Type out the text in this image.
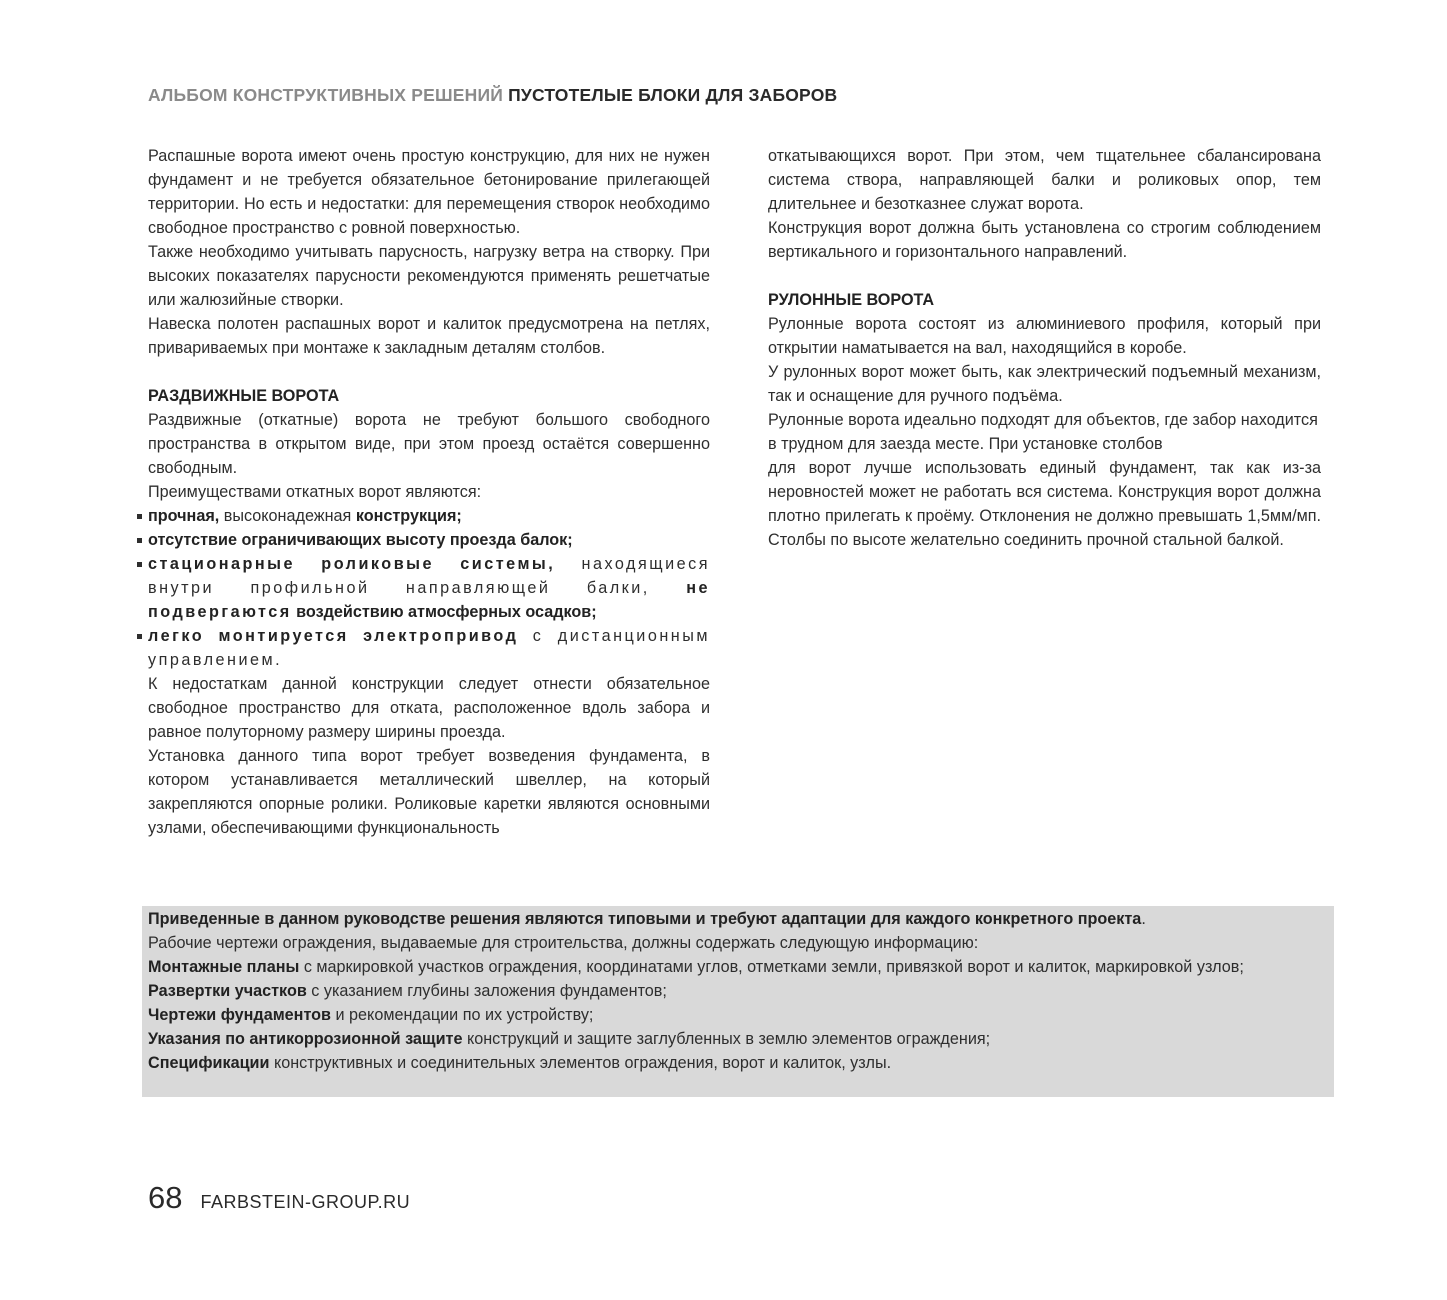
АЛЬБОМ КОНСТРУКТИВНЫХ РЕШЕНИЙ ПУСТОТЕЛЫЕ БЛОКИ ДЛЯ ЗАБОРОВ

Распашные ворота имеют очень простую конструкцию, для них не нужен фундамент и не требуется обязательное бетонирование прилегающей территории. Но есть и недостатки: для перемещения створок необходимо свободное пространство с ровной поверхностью.

Также необходимо учитывать парусность, нагрузку ветра на створку. При высоких показателях парусности рекомендуются применять решетчатые или жалюзийные створки.

Навеска полотен распашных ворот и калиток предусмотрена на петлях, привариваемых при монтаже к закладным деталям столбов.

РАЗДВИЖНЫЕ ВОРОТА

Раздвижные (откатные) ворота не требуют большого свободного пространства в открытом виде, при этом проезд остаётся совершенно свободным.

Преимуществами откатных ворот являются:

прочная, высоконадежная конструкция;
отсутствие ограничивающих высоту проезда балок;
стационарные роликовые системы, находящиеся внутри профильной направляющей балки, не подвергаются воздействию атмосферных осадков;
легко монтируется электропривод с дистанционным управлением.

К недостаткам данной конструкции следует отнести обязательное свободное пространство для отката, расположенное вдоль забора и равное полуторному размеру ширины проезда.

Установка данного типа ворот требует возведения фундамента, в котором устанавливается металлический швеллер, на который закрепляются опорные ролики. Роликовые каретки являются основными узлами, обеспечивающими функциональность

откатывающихся ворот. При этом, чем тщательнее сбалансирована система створа, направляющей балки и роликовых опор, тем длительнее и безотказнее служат ворота.

Конструкция ворот должна быть установлена со строгим соблюдением вертикального и горизонтального направлений.

РУЛОННЫЕ ВОРОТА

Рулонные ворота состоят из алюминиевого профиля, который при открытии наматывается на вал, находящийся в коробе.

У рулонных ворот может быть, как электрический подъемный механизм, так и оснащение для ручного подъёма.

Рулонные ворота идеально подходят для объектов, где забор находится в трудном для заезда месте. При установке столбов

для ворот лучше использовать единый фундамент, так как из-за неровностей может не работать вся система. Конструкция ворот должна плотно прилегать к проёму. Отклонения не должно превышать 1,5мм/мп. Столбы по высоте желательно соединить прочной стальной балкой.

Приведенные в данном руководстве решения являются типовыми и требуют адаптации для каждого конкретного проекта.

Рабочие чертежи ограждения, выдаваемые для строительства, должны содержать следующую информацию:

Монтажные планы с маркировкой участков ограждения, координатами углов, отметками земли, привязкой ворот и калиток, маркировкой узлов;

Развертки участков с указанием глубины заложения фундаментов;

Чертежи фундаментов и рекомендации по их устройству;

Указания по антикоррозионной защите конструкций и защите заглубленных в землю элементов ограждения;

Спецификации конструктивных и соединительных элементов ограждения, ворот и калиток, узлы.

68 FARBSTEIN-GROUP.RU
